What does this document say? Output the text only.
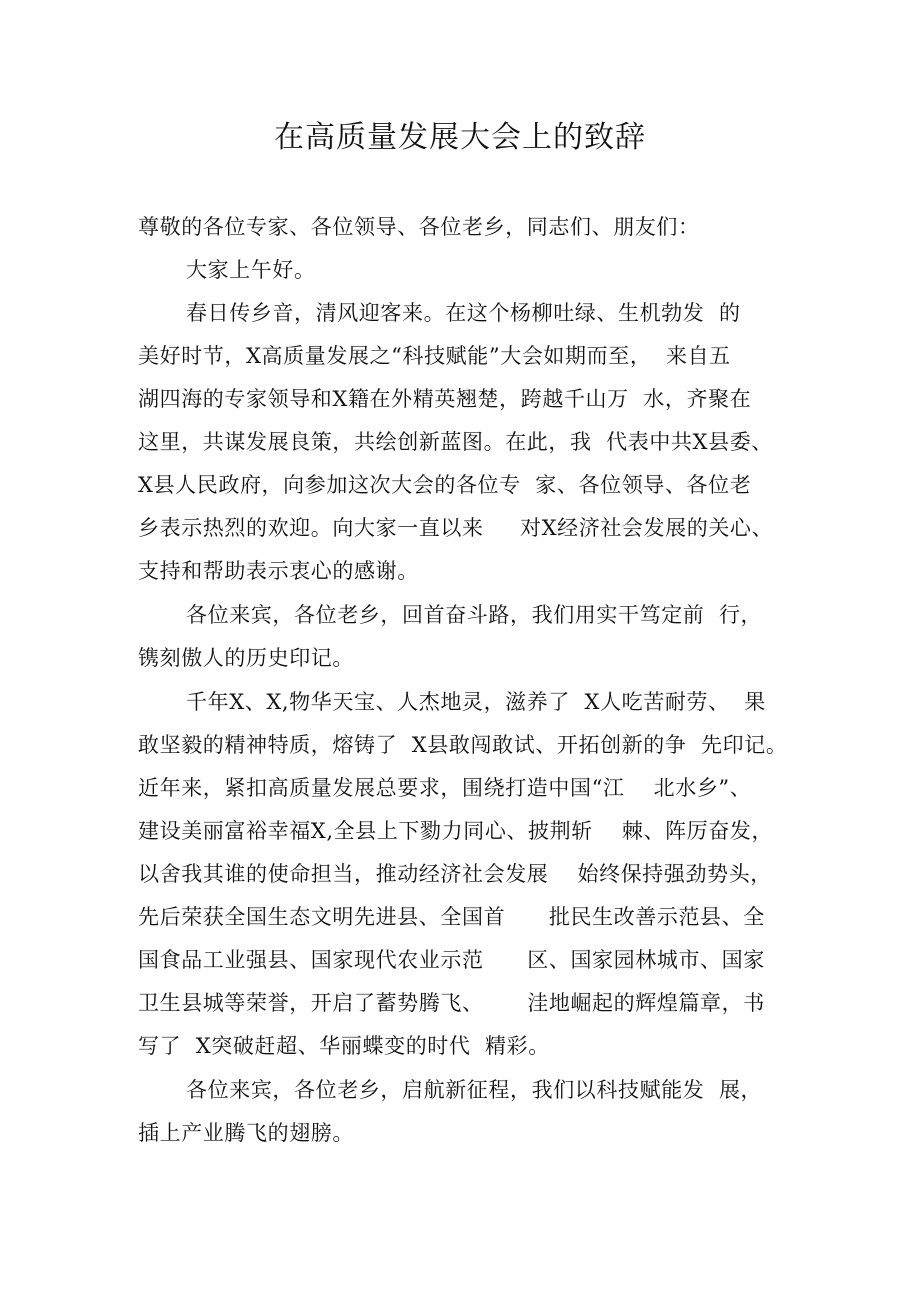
在高质量发展大会上的致辞
尊敬的各位专家、各位领导、各位老乡，同志们、朋友们：
大家上午好。
春日传乡音，清风迎客来。在这个杨柳吐绿、生机勃发  的
美好时节，X高质量发展之“科技赋能”大会如期而至，  来自五
湖四海的专家领导和X籍在外精英翘楚，跨越千山万  水，齐聚在
这里，共谋发展良策，共绘创新蓝图。在此，我  代表中共X县委、
X县人民政府，向参加这次大会的各位专  家、各位领导、各位老
乡表示热烈的欢迎。向大家一直以来     对X经济社会发展的关心、
支持和帮助表示衷心的感谢。
各位来宾，各位老乡，回首奋斗路，我们用实干笃定前  行，
镌刻傲人的历史印记。
千年X、X,物华天宝、人杰地灵，滋养了  X人吃苦耐劳、  果
敢坚毅的精神特质，熔铸了  X县敢闯敢试、开拓创新的争  先印记。
近年来，紧扣高质量发展总要求，围绕打造中国“江    北水乡”、
建设美丽富裕幸福X,全县上下勠力同心、披荆斩    棘、阵厉奋发，
以舍我其谁的使命担当，推动经济社会发展    始终保持强劲势头，
先后荣获全国生态文明先进县、全国首      批民生改善示范县、全
国食品工业强县、国家现代农业示范      区、国家园林城市、国家
卫生县城等荣誉，开启了蓄势腾飞、      洼地崛起的辉煌篇章，书
写了  X突破赶超、华丽蝶变的时代  精彩。
各位来宾，各位老乡，启航新征程，我们以科技赋能发  展，
插上产业腾飞的翅膀。
